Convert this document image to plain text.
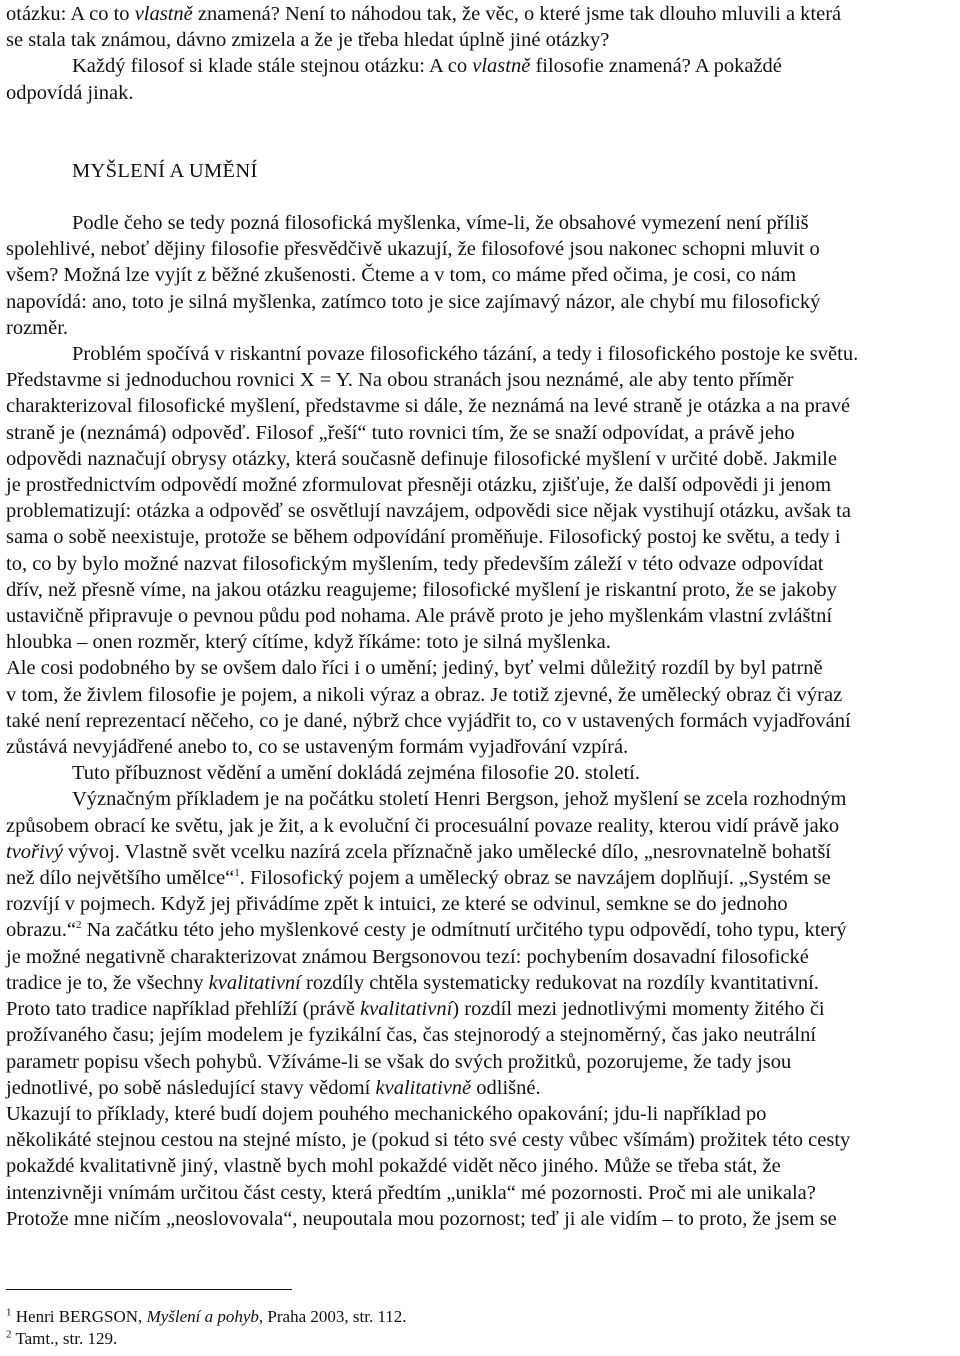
otázku: A co to vlastně znamená? Není to náhodou tak, že věc, o které jsme tak dlouho mluvili a která
se stala tak známou, dávno zmizela a že je třeba hledat úplně jiné otázky?
Každý filosof si klade stále stejnou otázku: A co vlastně filosofie znamená? A pokaždé
odpovídá jinak.
MYŠLENÍ A UMĚNÍ
Podle čeho se tedy pozná filosofická myšlenka, víme-li, že obsahové vymezení není příliš
spolehlivé, neboť dějiny filosofie přesvědčivě ukazují, že filosofové jsou nakonec schopni mluvit o
všem? Možná lze vyjít z běžné zkušenosti. Čteme a v tom, co máme před očima, je cosi, co nám
napovídá: ano, toto je silná myšlenka, zatímco toto je sice zajímavý názor, ale chybí mu filosofický
rozměr.
Problém spočívá v riskantní povaze filosofického tázání, a tedy i filosofického postoje ke světu.
Představme si jednoduchou rovnici X = Y. Na obou stranách jsou neznámé, ale aby tento příměr
charakterizoval filosofické myšlení, představme si dále, že neznámá na levé straně je otázka a na pravé
straně je (neznámá) odpověď. Filosof „řeší“ tuto rovnici tím, že se snaží odpovídat, a právě jeho
odpovědi naznačují obrysy otázky, která současně definuje filosofické myšlení v určité době. Jakmile
je prostřednictvím odpovědí možné zformulovat přesněji otázku, zjišťuje, že další odpovědi ji jenom
problematizují: otázka a odpověď se osvětlují navzájem, odpovědi sice nějak vystihují otázku, avšak ta
sama o sobě neexistuje, protože se během odpovídání proměňuje. Filosofický postoj ke světu, a tedy i
to, co by bylo možné nazvat filosofickým myšlením, tedy především záleží v této odvaze odpovídat
dřív, než přesně víme, na jakou otázku reagujeme; filosofické myšlení je riskantní proto, že se jakoby
ustavičně připravuje o pevnou půdu pod nohama. Ale právě proto je jeho myšlenkám vlastní zvláštní
hloubka – onen rozměr, který cítíme, když říkáme: toto je silná myšlenka.
Ale cosi podobného by se ovšem dalo říci i o umění; jediný, byť velmi důležitý rozdíl by byl patrně
v tom, že živlem filosofie je pojem, a nikoli výraz a obraz. Je totiž zjevné, že umělecký obraz či výraz
také není reprezentací něčeho, co je dané, nýbrž chce vyjádřit to, co v ustavených formách vyjadřování
zůstává nevyjádřené anebo to, co se ustaveným formám vyjadřování vzpírá.
Tuto příbuznost vědění a umění dokládá zejména filosofie 20. století.
Význačným příkladem je na počátku století Henri Bergson, jehož myšlení se zcela rozhodným
způsobem obrací ke světu, jak je žit, a k evoluční či procesuální povaze reality, kterou vidí právě jako
tvořivý vývoj. Vlastně svět vcelku nazírá zcela příznačně jako umělecké dílo, „nesrovnatelně bohatší
než dílo největšího umělce“$^1$. Filosofický pojem a umělecký obraz se navzájem doplňují. „Systém se
rozvíjí v pojmech. Když jej přivádíme zpět k intuici, ze které se odvinul, semkne se do jednoho
obrazu.“$^2$ Na začátku této jeho myšlenkové cesty je odmítnutí určitého typu odpovědí, toho typu, který
je možné negativně charakterizovat známou Bergsonovou tezí: pochybením dosavadní filosofické
tradice je to, že všechny kvalitativní rozdíly chtěla systematicky redukovat na rozdíly kvantitativní.
Proto tato tradice například přehlíží (právě kvalitativní) rozdíl mezi jednotlivými momenty žitého či
prožívaného času; jejím modelem je fyzikální čas, čas stejnorodý a stejnoměrný, čas jako neutrální
parametr popisu všech pohybů. Vžíváme-li se však do svých prožitků, pozorujeme, že tady jsou
jednotlivé, po sobě následující stavy vědomí kvalitativně odlišné.
Ukazují to příklady, které budí dojem pouhého mechanického opakování; jdu-li například po
několikáté stejnou cestou na stejné místo, je (pokud si této své cesty vůbec všímám) prožitek této cesty
pokaždé kvalitativně jiný, vlastně bych mohl pokaždé vidět něco jiného. Může se třeba stát, že
intenzivněji vnímám určitou část cesty, která předtím „unikla“ mé pozornosti. Proč mi ale unikala?
Protože mne ničím „neoslovovala“, neupoutala mou pozornost; teď ji ale vidím – to proto, že jsem se
$^1$ Henri BERGSON, Myšlení a pohyb, Praha 2003, str. 112.
$^2$ Tamt., str. 129.
